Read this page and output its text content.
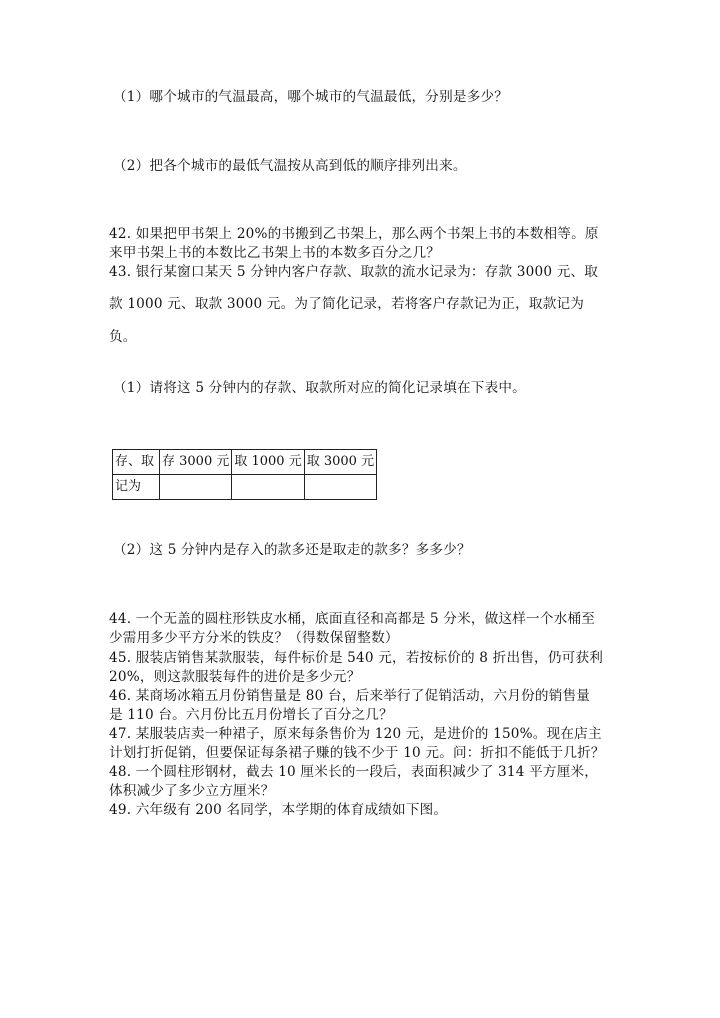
（1）哪个城市的气温最高，哪个城市的气温最低，分别是多少？
（2）把各个城市的最低气温按从高到低的顺序排列出来。
42. 如果把甲书架上 20%的书搬到乙书架上，那么两个书架上书的本数相等。原
来甲书架上书的本数比乙书架上书的本数多百分之几？
43. 银行某窗口某天 5 分钟内客户存款、取款的流水记录为：存款 3000 元、取
款 1000 元、取款 3000 元。为了简化记录，若将客户存款记为正，取款记为
负。
（1）请将这 5 分钟内的存款、取款所对应的简化记录填在下表中。
存、取	存 3000 元	取 1000 元	取 3000 元
记为			
（2）这 5 分钟内是存入的款多还是取走的款多？多多少？
44. 一个无盖的圆柱形铁皮水桶，底面直径和高都是 5 分米，做这样一个水桶至
少需用多少平方分米的铁皮？（得数保留整数）
45. 服装店销售某款服装，每件标价是 540 元，若按标价的 8 折出售，仍可获利
20%，则这款服装每件的进价是多少元？
46. 某商场冰箱五月份销售量是 80 台，后来举行了促销活动，六月份的销售量
是 110 台。六月份比五月份增长了百分之几？
47. 某服装店卖一种裙子，原来每条售价为 120 元，是进价的 150%。现在店主
计划打折促销，但要保证每条裙子赚的钱不少于 10 元。问：折扣不能低于几折？
48. 一个圆柱形钢材，截去 10 厘米长的一段后，表面积减少了 314 平方厘米，
体积减少了多少立方厘米？
49. 六年级有 200 名同学，本学期的体育成绩如下图。
